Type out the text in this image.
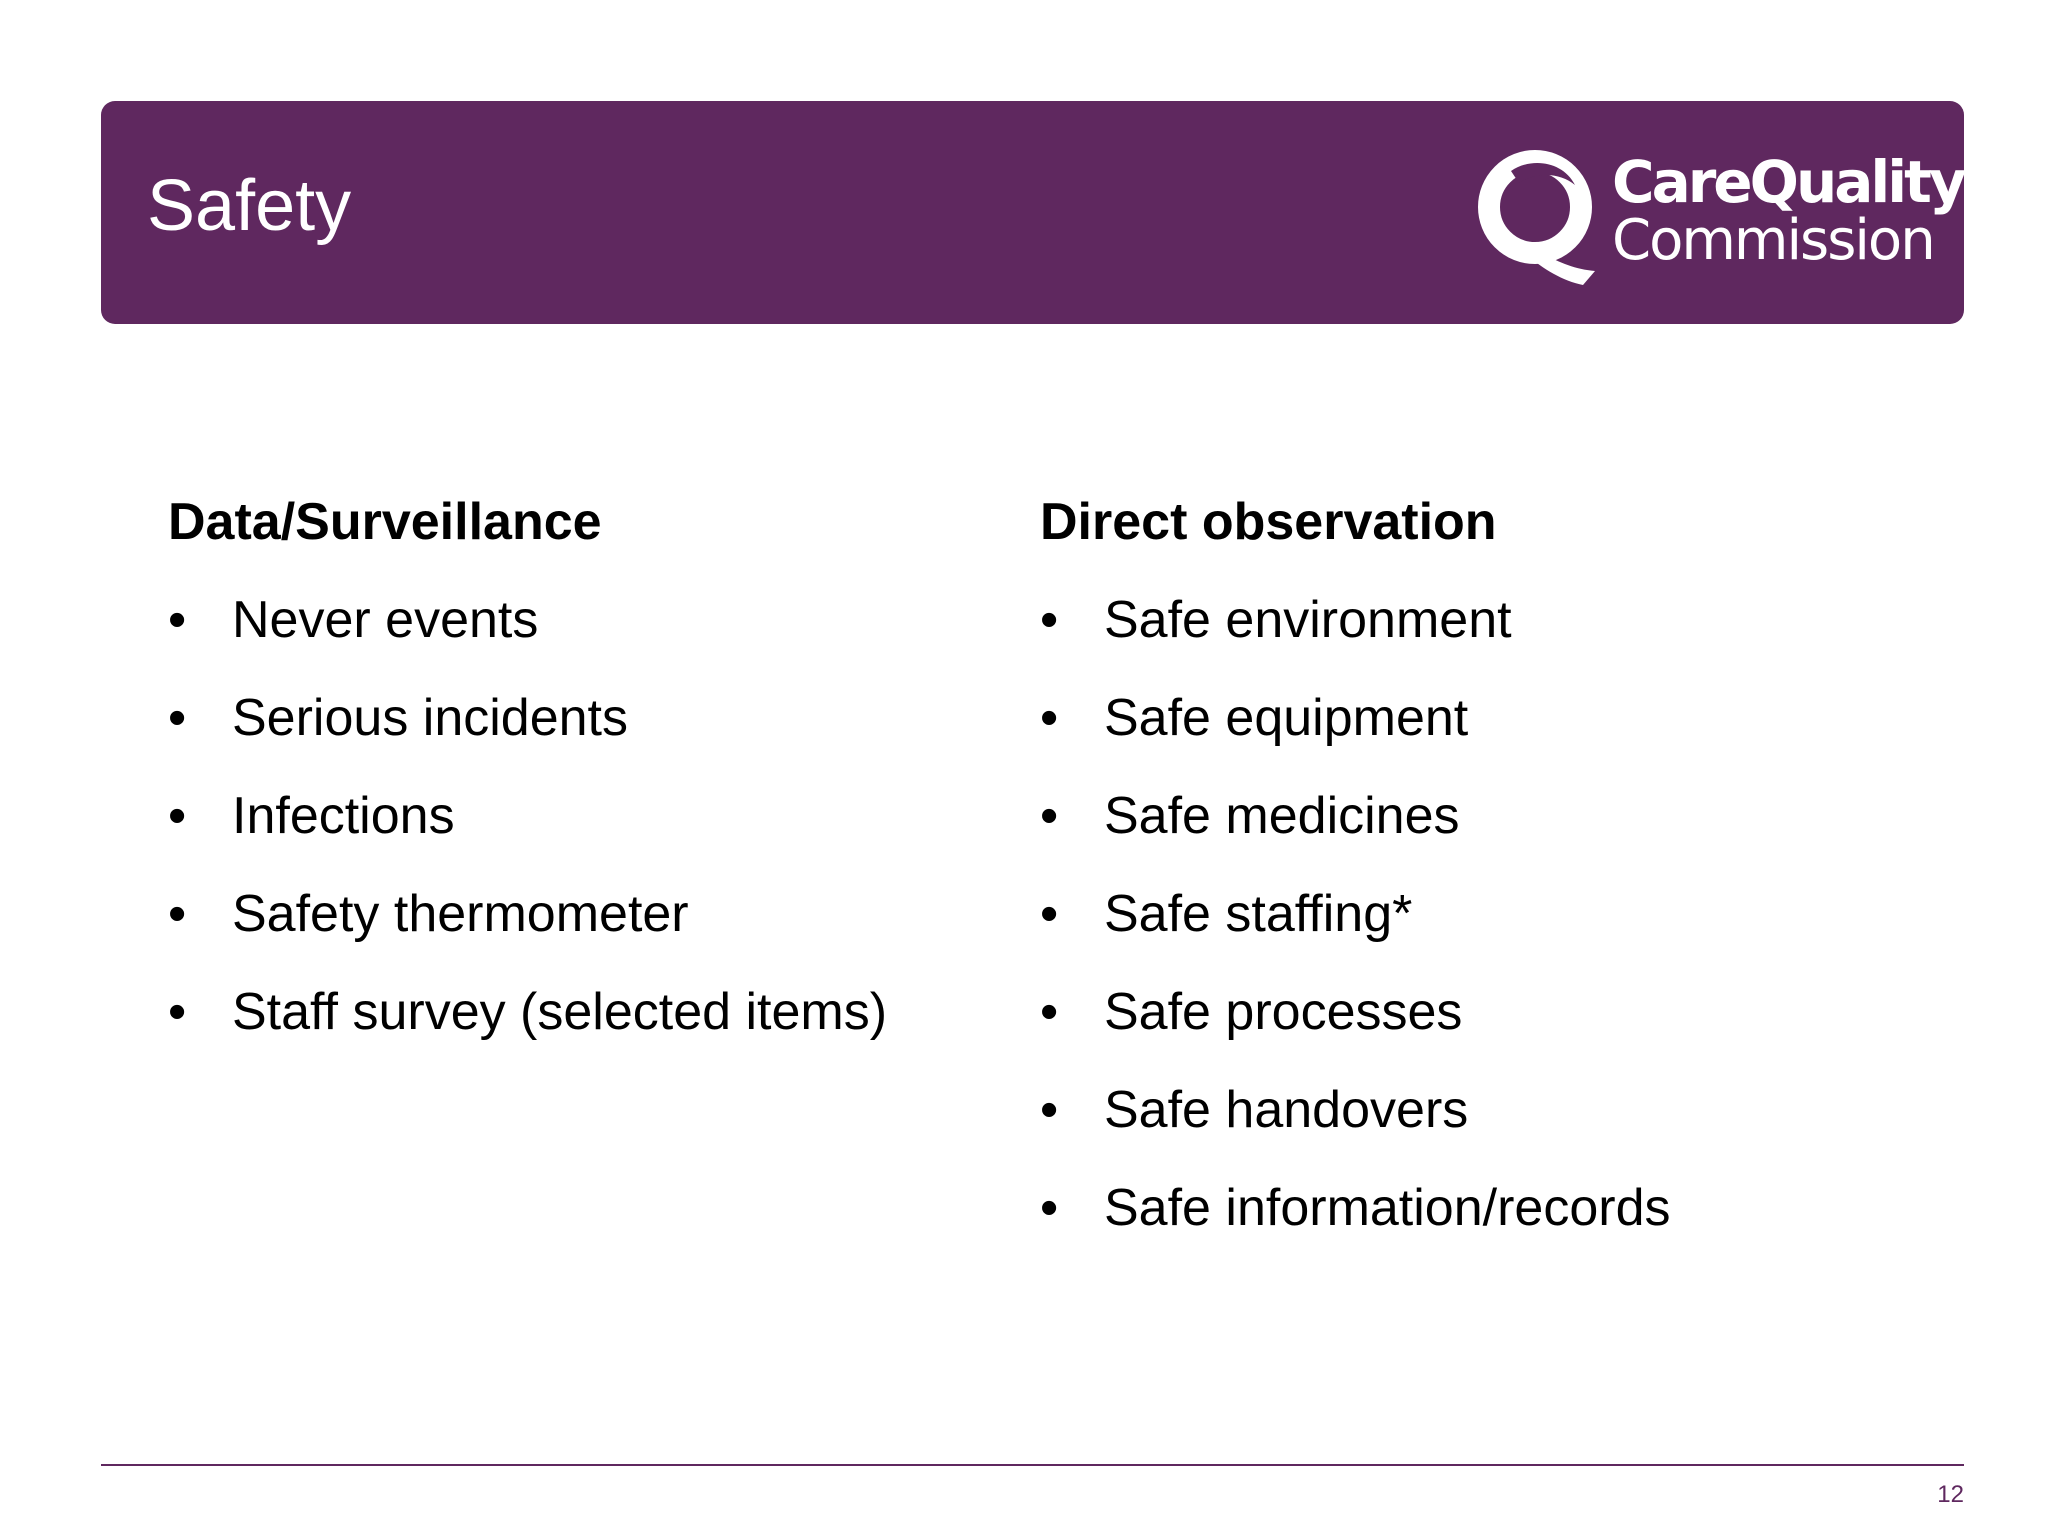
Safety	CareQuality
Commission
Data/Surveillance
• Never events
• Serious incidents
• Infections
• Safety thermometer
• Staff survey (selected items)
Direct observation
• Safe environment
• Safe equipment
• Safe medicines
• Safe staffing*
• Safe processes
• Safe handovers
• Safe information/records
12
